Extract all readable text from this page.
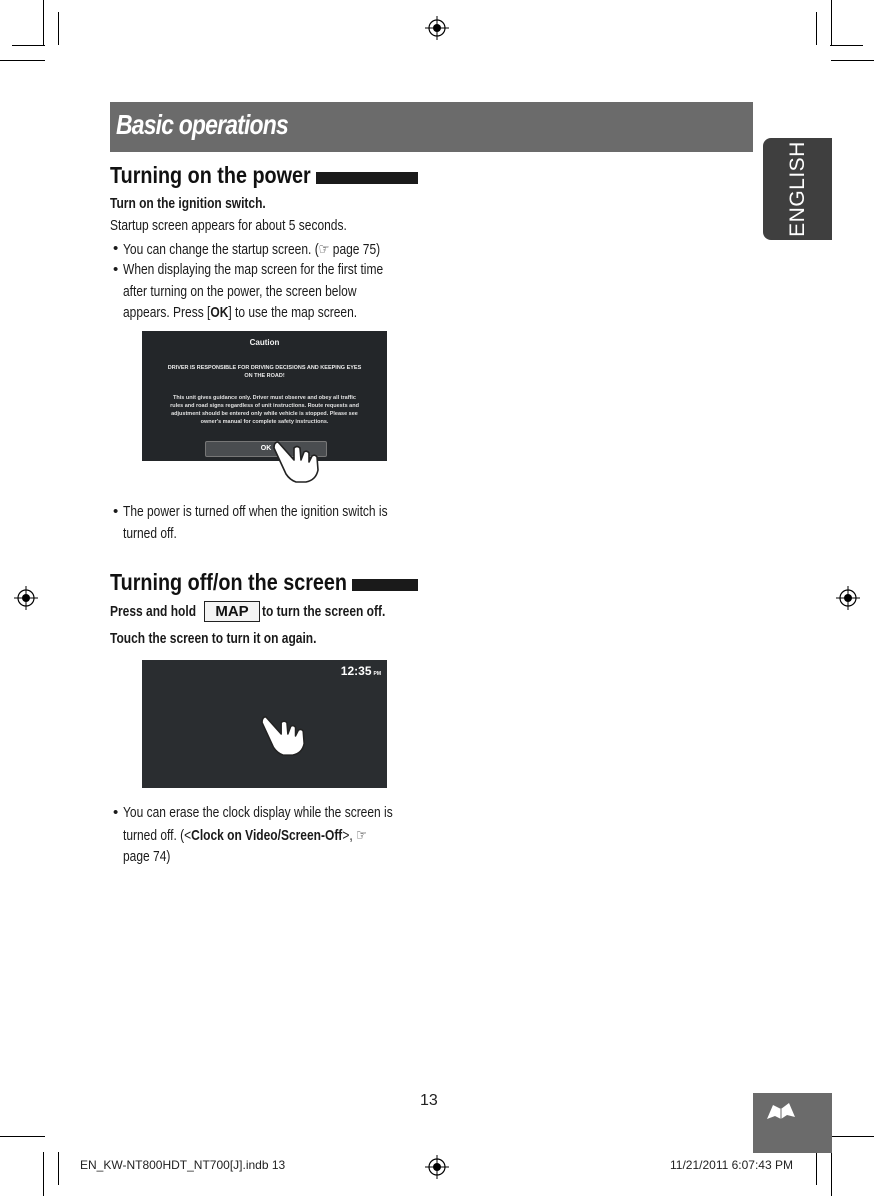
Basic operations
ENGLISH
Turning on the power
Turn on the ignition switch.
Startup screen appears for about 5 seconds.
• You can change the startup screen. (☞ page 75)
• When displaying the map screen for the first time
after turning on the power, the screen below
appears. Press [OK] to use the map screen.
Caution
DRIVER IS RESPONSIBLE FOR DRIVING DECISIONS AND KEEPING EYES
ON THE ROAD!
This unit gives guidance only. Driver must observe and obey all traffic
rules and road signs regardless of unit instructions. Route requests and
adjustment should be entered only while vehicle is stopped. Please see
owner's manual for complete safety instructions.
OK
• The power is turned off when the ignition switch is
turned off.
Turning off/on the screen
Press and hold	MAP to turn the screen off.
Touch the screen to turn it on again.
12:35 PM
• You can erase the clock display while the screen is
turned off. (<Clock on Video/Screen-Off>, ☞
page 74)
13
EN_KW-NT800HDT_NT700[J].indb 13	11/21/2011 6:07:43 PM
